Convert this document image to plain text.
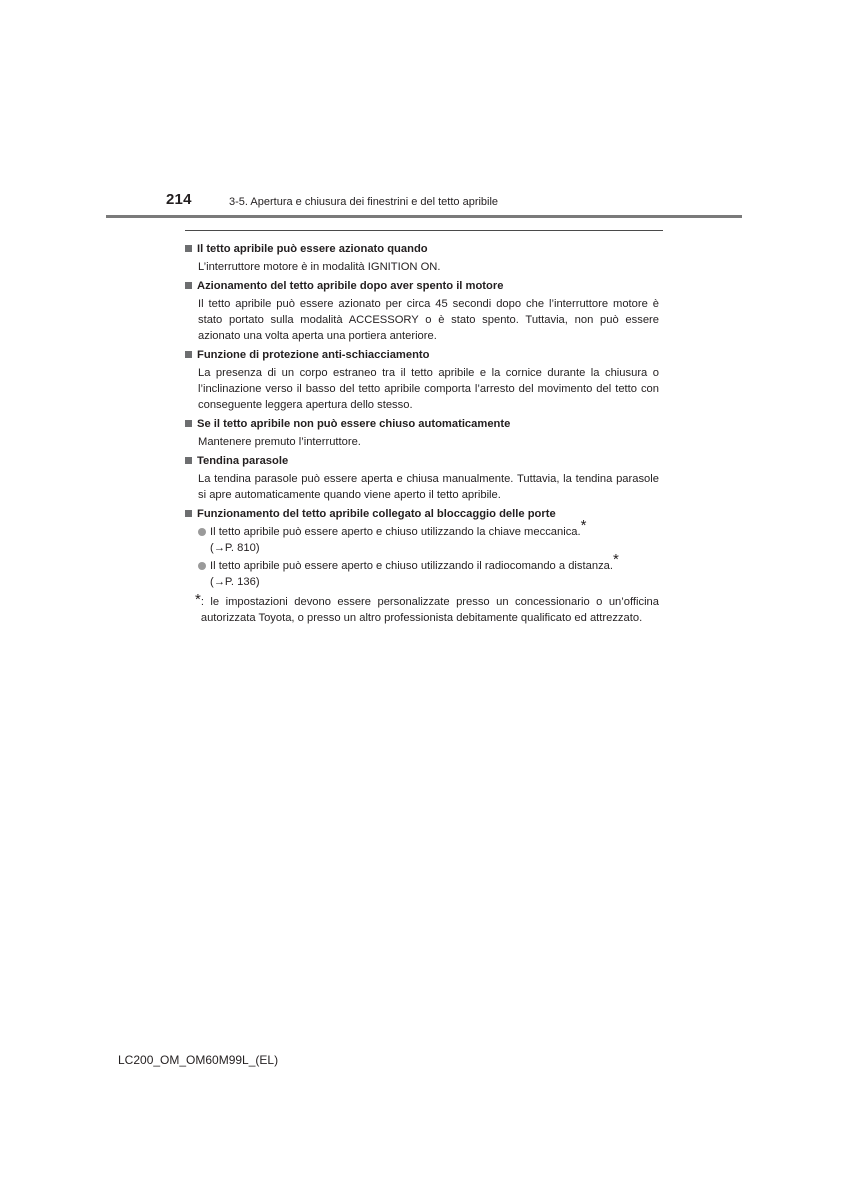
214	3-5. Apertura e chiusura dei finestrini e del tetto apribile
Il tetto apribile può essere azionato quando
L’interruttore motore è in modalità IGNITION ON.
Azionamento del tetto apribile dopo aver spento il motore
Il tetto apribile può essere azionato per circa 45 secondi dopo che l’interruttore motore è stato portato sulla modalità ACCESSORY o è stato spento. Tuttavia, non può essere azionato una volta aperta una portiera anteriore.
Funzione di protezione anti-schiacciamento
La presenza di un corpo estraneo tra il tetto apribile e la cornice durante la chiusura o l’inclinazione verso il basso del tetto apribile comporta l’arresto del movimento del tetto con conseguente leggera apertura dello stesso.
Se il tetto apribile non può essere chiuso automaticamente
Mantenere premuto l’interruttore.
Tendina parasole
La tendina parasole può essere aperta e chiusa manualmente. Tuttavia, la tendina parasole si apre automaticamente quando viene aperto il tetto apribile.
Funzionamento del tetto apribile collegato al bloccaggio delle porte
Il tetto apribile può essere aperto e chiuso utilizzando la chiave meccanica.*
(→P. 810)
Il tetto apribile può essere aperto e chiuso utilizzando il radiocomando a distanza.*
(→P. 136)
* : le impostazioni devono essere personalizzate presso un concessionario o un’officina autorizzata Toyota, o presso un altro professionista debitamente qualificato ed attrezzato.
LC200_OM_OM60M99L_(EL)
